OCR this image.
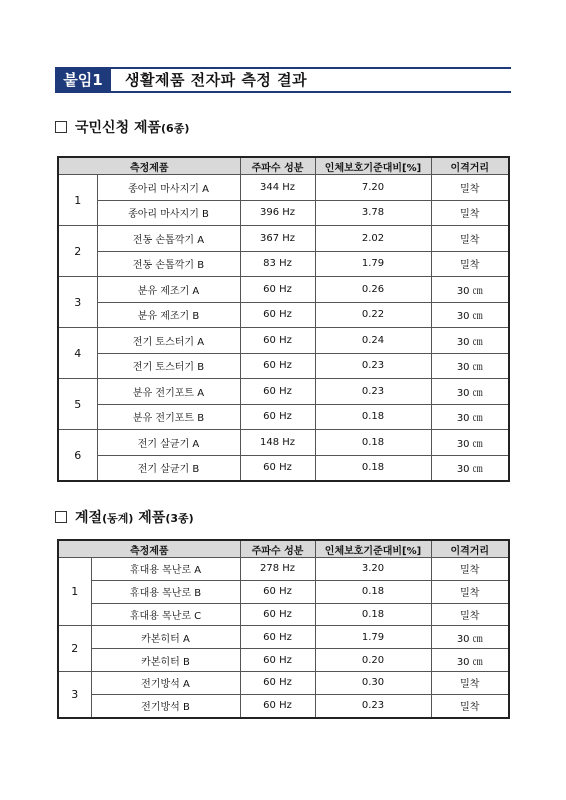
붙임1	생활제품 전자파 측정 결과
국민신청 제품(6종)
측정제품		주파수 성분	인체보호기준대비[%]	이격거리
1	종아리 마사지기 A	344 Hz	7.20	밀착
	종아리 마사지기 B	396 Hz	3.78	밀착
2	전동 손톱깍기 A	367 Hz	2.02	밀착
	전동 손톱깍기 B	83 Hz	1.79	밀착
3	분유 제조기 A	60 Hz	0.26	30 ㎝
	분유 제조기 B	60 Hz	0.22	30 ㎝
4	전기 토스터기 A	60 Hz	0.24	30 ㎝
	전기 토스터기 B	60 Hz	0.23	30 ㎝
5	분유 전기포트 A	60 Hz	0.23	30 ㎝
	분유 전기포트 B	60 Hz	0.18	30 ㎝
6	전기 살균기 A	148 Hz	0.18	30 ㎝
	전기 살균기 B	60 Hz	0.18	30 ㎝
계절(동계) 제품(3종)
측정제품		주파수 성분	인체보호기준대비[%]	이격거리
1	휴대용 목난로 A	278 Hz	3.20	밀착
	휴대용 목난로 B	60 Hz	0.18	밀착
	휴대용 목난로 C	60 Hz	0.18	밀착
2	카본히터 A	60 Hz	1.79	30 ㎝
	카본히터 B	60 Hz	0.20	30 ㎝
3	전기방석 A	60 Hz	0.30	밀착
	전기방석 B	60 Hz	0.23	밀착
